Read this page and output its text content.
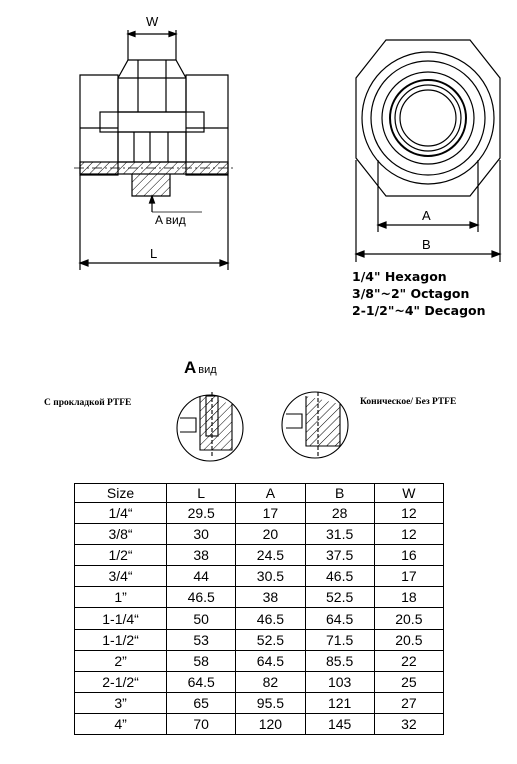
W
L
A
B
A вид
1/4" Hexagon
3/8"~2" Octagon
2-1/2"~4" Decagon
Aвид
С прокладкой PTFE	Коническое/ Без PTFE
Size	L	A	B	W
1/4“	29.5	17	28	12
3/8“	30	20	31.5	12
1/2“	38	24.5	37.5	16
3/4“	44	30.5	46.5	17
1”	46.5	38	52.5	18
1-1/4“	50	46.5	64.5	20.5
1-1/2“	53	52.5	71.5	20.5
2”	58	64.5	85.5	22
2-1/2“	64.5	82	103	25
3”	65	95.5	121	27
4”	70	120	145	32
